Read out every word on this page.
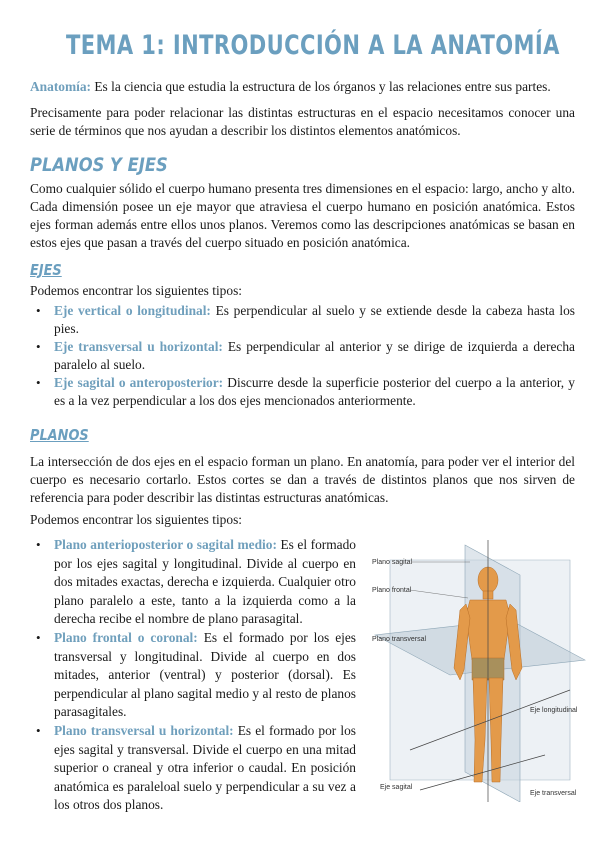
TEMA 1: INTRODUCCIÓN A LA ANATOMÍA
Anatomía: Es la ciencia que estudia la estructura de los órganos y las relaciones entre sus partes.
Precisamente para poder relacionar las distintas estructuras en el espacio necesitamos conocer una serie de términos que nos ayudan a describir los distintos elementos anatómicos.
PLANOS Y EJES
Como cualquier sólido el cuerpo humano presenta tres dimensiones en el espacio: largo, ancho y alto. Cada dimensión posee un eje mayor que atraviesa el cuerpo humano en posición anatómica. Estos ejes forman además entre ellos unos planos. Veremos como las descripciones anatómicas se basan en estos ejes que pasan a través del cuerpo situado en posición anatómica.
EJES
Podemos encontrar los siguientes tipos:
• Eje vertical o longitudinal: Es perpendicular al suelo y se extiende desde la cabeza hasta los pies.
• Eje transversal u horizontal: Es perpendicular al anterior y se dirige de izquierda a derecha paralelo al suelo.
• Eje sagital o anteroposterior: Discurre desde la superficie posterior del cuerpo a la anterior, y es a la vez perpendicular a los dos ejes mencionados anteriormente.
PLANOS
La intersección de dos ejes en el espacio forman un plano. En anatomía, para poder ver el interior del cuerpo es necesario cortarlo. Estos cortes se dan a través de distintos planos que nos sirven de referencia para poder describir las distintas estructuras anatómicas.
Podemos encontrar los siguientes tipos:
• Plano anterioposterior o sagital medio: Es el formado por los ejes sagital y longitudinal. Divide al cuerpo en dos mitades exactas, derecha e izquierda. Cualquier otro plano paralelo a este, tanto a la izquierda como a la derecha recibe el nombre de plano parasagital.
• Plano frontal o coronal: Es el formado por los ejes transversal y longitudinal. Divide al cuerpo en dos mitades, anterior (ventral) y posterior (dorsal). Es perpendicular al plano sagital medio y al resto de planos parasagitales.
• Plano transversal u horizontal: Es el formado por los ejes sagital y transversal. Divide el cuerpo en una mitad superior o craneal y otra inferior o caudal. En posición anatómica es paraleloal suelo y perpendicular a su vez a los otros dos planos.
Plano sagital
Plano frontal
Plano transversal
Eje longitudinal
Eje sagital
Eje transversal
